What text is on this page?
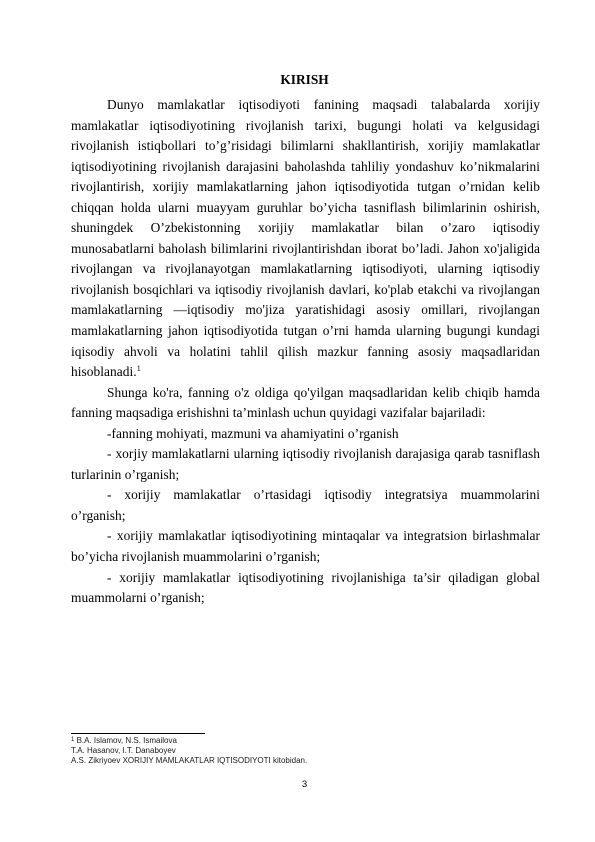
KIRISH

Dunyo mamlakatlar iqtisodiyoti fanining maqsadi talabalarda xorijiy mamlakatlar iqtisodiyotining rivojlanish tarixi, bugungi holati va kelgusidagi rivojlanish istiqbollari to’g’risidagi bilimlarni shakllantirish, xorijiy mamlakatlar iqtisodiyotining rivojlanish darajasini baholashda tahliliy yondashuv ko’nikmalarini rivojlantirish, xorijiy mamlakatlarning jahon iqtisodiyotida tutgan o’rnidan kelib chiqqan holda ularni muayyam guruhlar bo’yicha tasniflash bilimlarinin oshirish, shuningdek O’zbekistonning xorijiy mamlakatlar bilan o’zaro iqtisodiy munosabatlarni baholash bilimlarini rivojlantirishdan iborat bo’ladi. Jahon xo'jaligida rivojlangan va rivojlanayotgan mamlakatlarning iqtisodiyoti, ularning iqtisodiy rivojlanish bosqichlari va iqtisodiy rivojlanish davlari, ko'plab etakchi va rivojlangan mamlakatlarning ―iqtisodiy mo'jiza yaratishidagi asosiy omillari, rivojlangan mamlakatlarning jahon iqtisodiyotida tutgan o’rni hamda ularning bugungi kundagi iqisodiy ahvoli va holatini tahlil qilish mazkur fanning asosiy maqsadlaridan hisoblanadi.$^1$

Shunga ko'ra, fanning o'z oldiga qo'yilgan maqsadlaridan kelib chiqib hamda fanning maqsadiga erishishni ta’minlash uchun quyidagi vazifalar bajariladi:

-fanning mohiyati, mazmuni va ahamiyatini o’rganish

- xorjiy mamlakatlarni ularning iqtisodiy rivojlanish darajasiga qarab tasniflash turlarinin o’rganish;

- xorijiy mamlakatlar o’rtasidagi iqtisodiy integratsiya muammolarini o’rganish;

- xorijiy mamlakatlar iqtisodiyotining mintaqalar va integratsion birlashmalar bo’yicha rivojlanish muammolarini o’rganish;

- xorijiy mamlakatlar iqtisodiyotining rivojlanishiga ta’sir qiladigan global muammolarni o’rganish;

$^1$ B.A. Islamov, N.S. Ismailova

T.A. Hasanov, I.T. Danaboyev

A.S. Zikriyoev XORIJIY MAMLAKATLAR IQTISODIYOTI kitobidan.

3
